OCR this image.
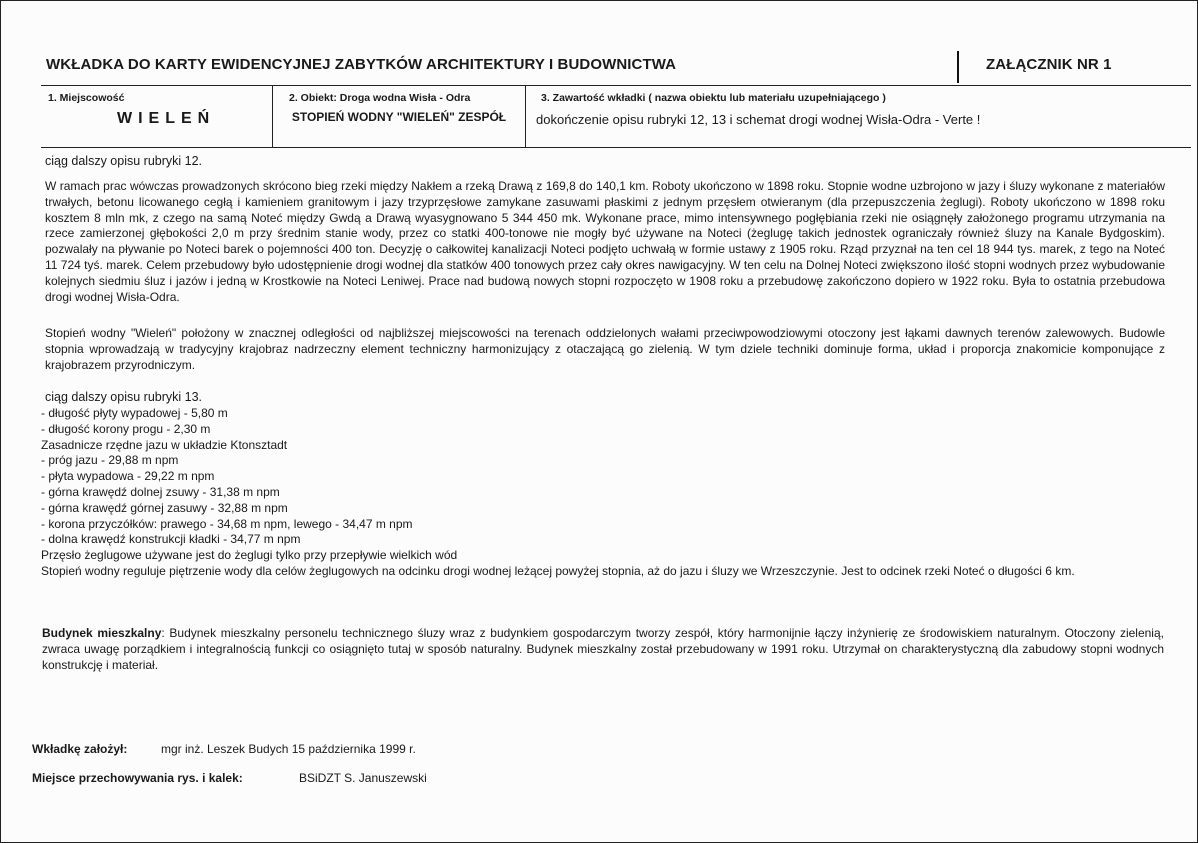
WKŁADKA DO KARTY EWIDENCYJNEJ ZABYTKÓW ARCHITEKTURY I BUDOWNICTWA	ZAŁĄCZNIK NR 1
1. Miejscowość
WIELEŃ
2. Obiekt: Droga wodna Wisła - Odra
STOPIEŃ WODNY "WIELEŃ" ZESPÓŁ
3. Zawartość wkładki ( nazwa obiektu lub materiału uzupełniającego )
dokończenie opisu rubryki 12, 13 i schemat drogi wodnej Wisła-Odra - Verte !
ciąg dalszy opisu rubryki 12.
W ramach prac wówczas prowadzonych skrócono bieg rzeki między Nakłem a rzeką Drawą z 169,8 do 140,1 km. Roboty ukończono w 1898 roku. Stopnie wodne uzbrojono w jazy i śluzy wykonane z materiałów trwałych, betonu licowanego cegłą i kamieniem granitowym i jazy trzyprzęsłowe zamykane zasuwami płaskimi z jednym przęsłem otwieranym (dla przepuszczenia żeglugi). Roboty ukończono w 1898 roku kosztem 8 mln mk, z czego na samą Noteć między Gwdą a Drawą wyasygnowano 5 344 450 mk. Wykonane prace, mimo intensywnego pogłębiania rzeki nie osiągnęły założonego programu utrzymania na rzece zamierzonej głębokości 2,0 m przy średnim stanie wody, przez co statki 400-tonowe nie mogły być używane na Noteci (żeglugę takich jednostek ograniczały również śluzy na Kanale Bydgoskim). pozwalały na pływanie po Noteci barek o pojemności 400 ton. Decyzję o całkowitej kanalizacji Noteci podjęto uchwałą w formie ustawy z 1905 roku. Rząd przyznał na ten cel 18 944 tys. marek, z tego na Noteć 11 724 tyś. marek. Celem przebudowy było udostępnienie drogi wodnej dla statków 400 tonowych przez cały okres nawigacyjny. W ten celu na Dolnej Noteci zwiększono ilość stopni wodnych przez wybudowanie kolejnych siedmiu śluz i jazów i jedną w Krostkowie na Noteci Leniwej. Prace nad budową nowych stopni rozpoczęto w 1908 roku a przebudowę zakończono dopiero w 1922 roku. Była to ostatnia przebudowa drogi wodnej Wisła-Odra.
Stopień wodny "Wieleń" położony w znacznej odległości od najbliższej miejscowości na terenach oddzielonych wałami przeciwpowodziowymi otoczony jest łąkami dawnych terenów zalewowych. Budowle stopnia wprowadzają w tradycyjny krajobraz nadrzeczny element techniczny harmonizujący z otaczającą go zielenią. W tym dziele techniki dominuje forma, układ i proporcja znakomicie komponujące z krajobrazem przyrodniczym.
ciąg dalszy opisu rubryki 13.
- długość płyty wypadowej - 5,80 m
- długość korony progu - 2,30 m
Zasadnicze rzędne jazu w układzie Ktonsztadt
- próg jazu - 29,88 m npm
- płyta wypadowa - 29,22 m npm
- górna krawędź dolnej zsuwy - 31,38 m npm
- górna krawędź górnej zasuwy - 32,88 m npm
- korona przyczółków: prawego - 34,68 m npm, lewego - 34,47 m npm
- dolna krawędź konstrukcji kładki - 34,77 m npm
Przęsło żeglugowe używane jest do żeglugi tylko przy przepływie wielkich wód
Stopień wodny reguluje piętrzenie wody dla celów żeglugowych na odcinku drogi wodnej leżącej powyżej stopnia, aż do jazu i śluzy we Wrzeszczynie. Jest to odcinek rzeki Noteć o długości 6 km.
Budynek mieszkalny: Budynek mieszkalny personelu technicznego śluzy wraz z budynkiem gospodarczym tworzy zespół, który harmonijnie łączy inżynierię ze środowiskiem naturalnym. Otoczony zielenią, zwraca uwagę porządkiem i integralnością funkcji co osiągnięto tutaj w sposób naturalny. Budynek mieszkalny został przebudowany w 1991 roku. Utrzymał on charakterystyczną dla zabudowy stopni wodnych konstrukcję i materiał.
Wkładkę założył:	mgr inż. Leszek Budych 15 października 1999 r.
Miejsce przechowywania rys. i kalek:	BSiDZT S. Januszewski
